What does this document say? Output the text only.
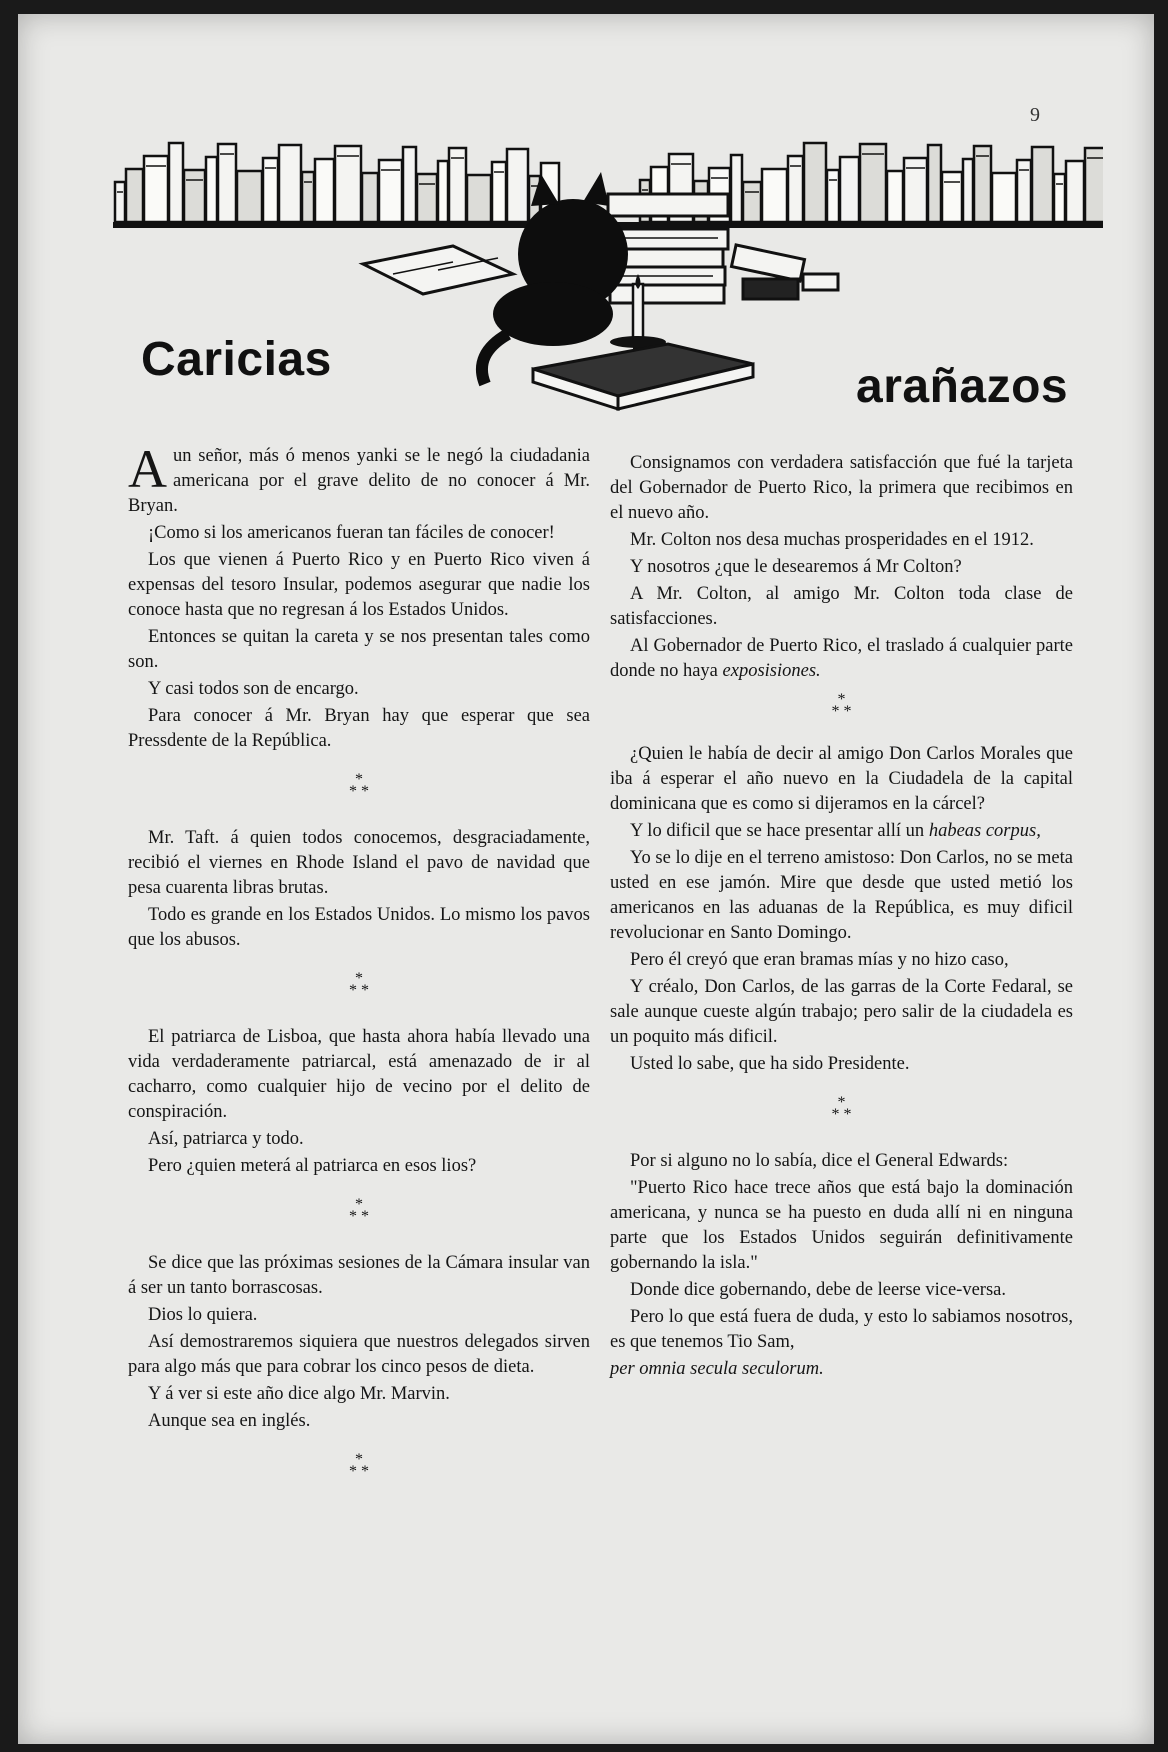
9
Caricias
arañazos

Aun señor, más ó menos yanki se le negó la ciudadania americana por el grave delito de no conocer á Mr. Bryan.

¡Como si los americanos fueran tan fáciles de conocer!

Los que vienen á Puerto Rico y en Puerto Rico viven á expensas del tesoro Insular, podemos asegurar que nadie los conoce hasta que no regresan á los Estados Unidos.

Entonces se quitan la careta y se nos presentan tales como son.

Y casi todos son de encargo.

Para conocer á Mr. Bryan hay que esperar que sea Pressdente de la República.

*
* *

Mr. Taft. á quien todos conocemos, desgraciadamente, recibió el viernes en Rhode Island el pavo de navidad que pesa cuarenta libras brutas.

Todo es grande en los Estados Unidos. Lo mismo los pavos que los abusos.

*
* *

El patriarca de Lisboa, que hasta ahora había llevado una vida verdaderamente patriarcal, está amenazado de ir al cacharro, como cualquier hijo de vecino por el delito de conspiración.

Así, patriarca y todo.

Pero ¿quien meterá al patriarca en esos lios?

*
* *

Se dice que las próximas sesiones de la Cámara insular van á ser un tanto borrascosas.

Dios lo quiera.

Así demostraremos siquiera que nuestros delegados sirven para algo más que para cobrar los cinco pesos de dieta.

Y á ver si este año dice algo Mr. Marvin.

Aunque sea en inglés.

*
* *

Consignamos con verdadera satisfacción que fué la tarjeta del Gobernador de Puerto Rico, la primera que recibimos en el nuevo año.

Mr. Colton nos desa muchas prosperidades en el 1912.

Y nosotros ¿que le desearemos á Mr Colton?

A Mr. Colton, al amigo Mr. Colton toda clase de satisfacciones.

Al Gobernador de Puerto Rico, el traslado á cualquier parte donde no haya exposisiones.

*
* *

¿Quien le había de decir al amigo Don Carlos Morales que iba á esperar el año nuevo en la Ciudadela de la capital dominicana que es como si dijeramos en la cárcel?

Y lo dificil que se hace presentar allí un habeas corpus,

Yo se lo dije en el terreno amistoso: Don Carlos, no se meta usted en ese jamón. Mire que desde que usted metió los americanos en las aduanas de la República, es muy dificil revolucionar en Santo Domingo.

Pero él creyó que eran bramas mías y no hizo caso,

Y créalo, Don Carlos, de las garras de la Corte Fedaral, se sale aunque cueste algún trabajo; pero salir de la ciudadela es un poquito más dificil.

Usted lo sabe, que ha sido Presidente.

*
* *

Por si alguno no lo sabía, dice el General Edwards:

"Puerto Rico hace trece años que está bajo la dominación americana, y nunca se ha puesto en duda allí ni en ninguna parte que los Estados Unidos seguirán definitivamente gobernando la isla."

Donde dice gobernando, debe de leerse vice-versa.

Pero lo que está fuera de duda, y esto lo sabiamos nosotros, es que tenemos Tio Sam,

per omnia secula seculorum.
